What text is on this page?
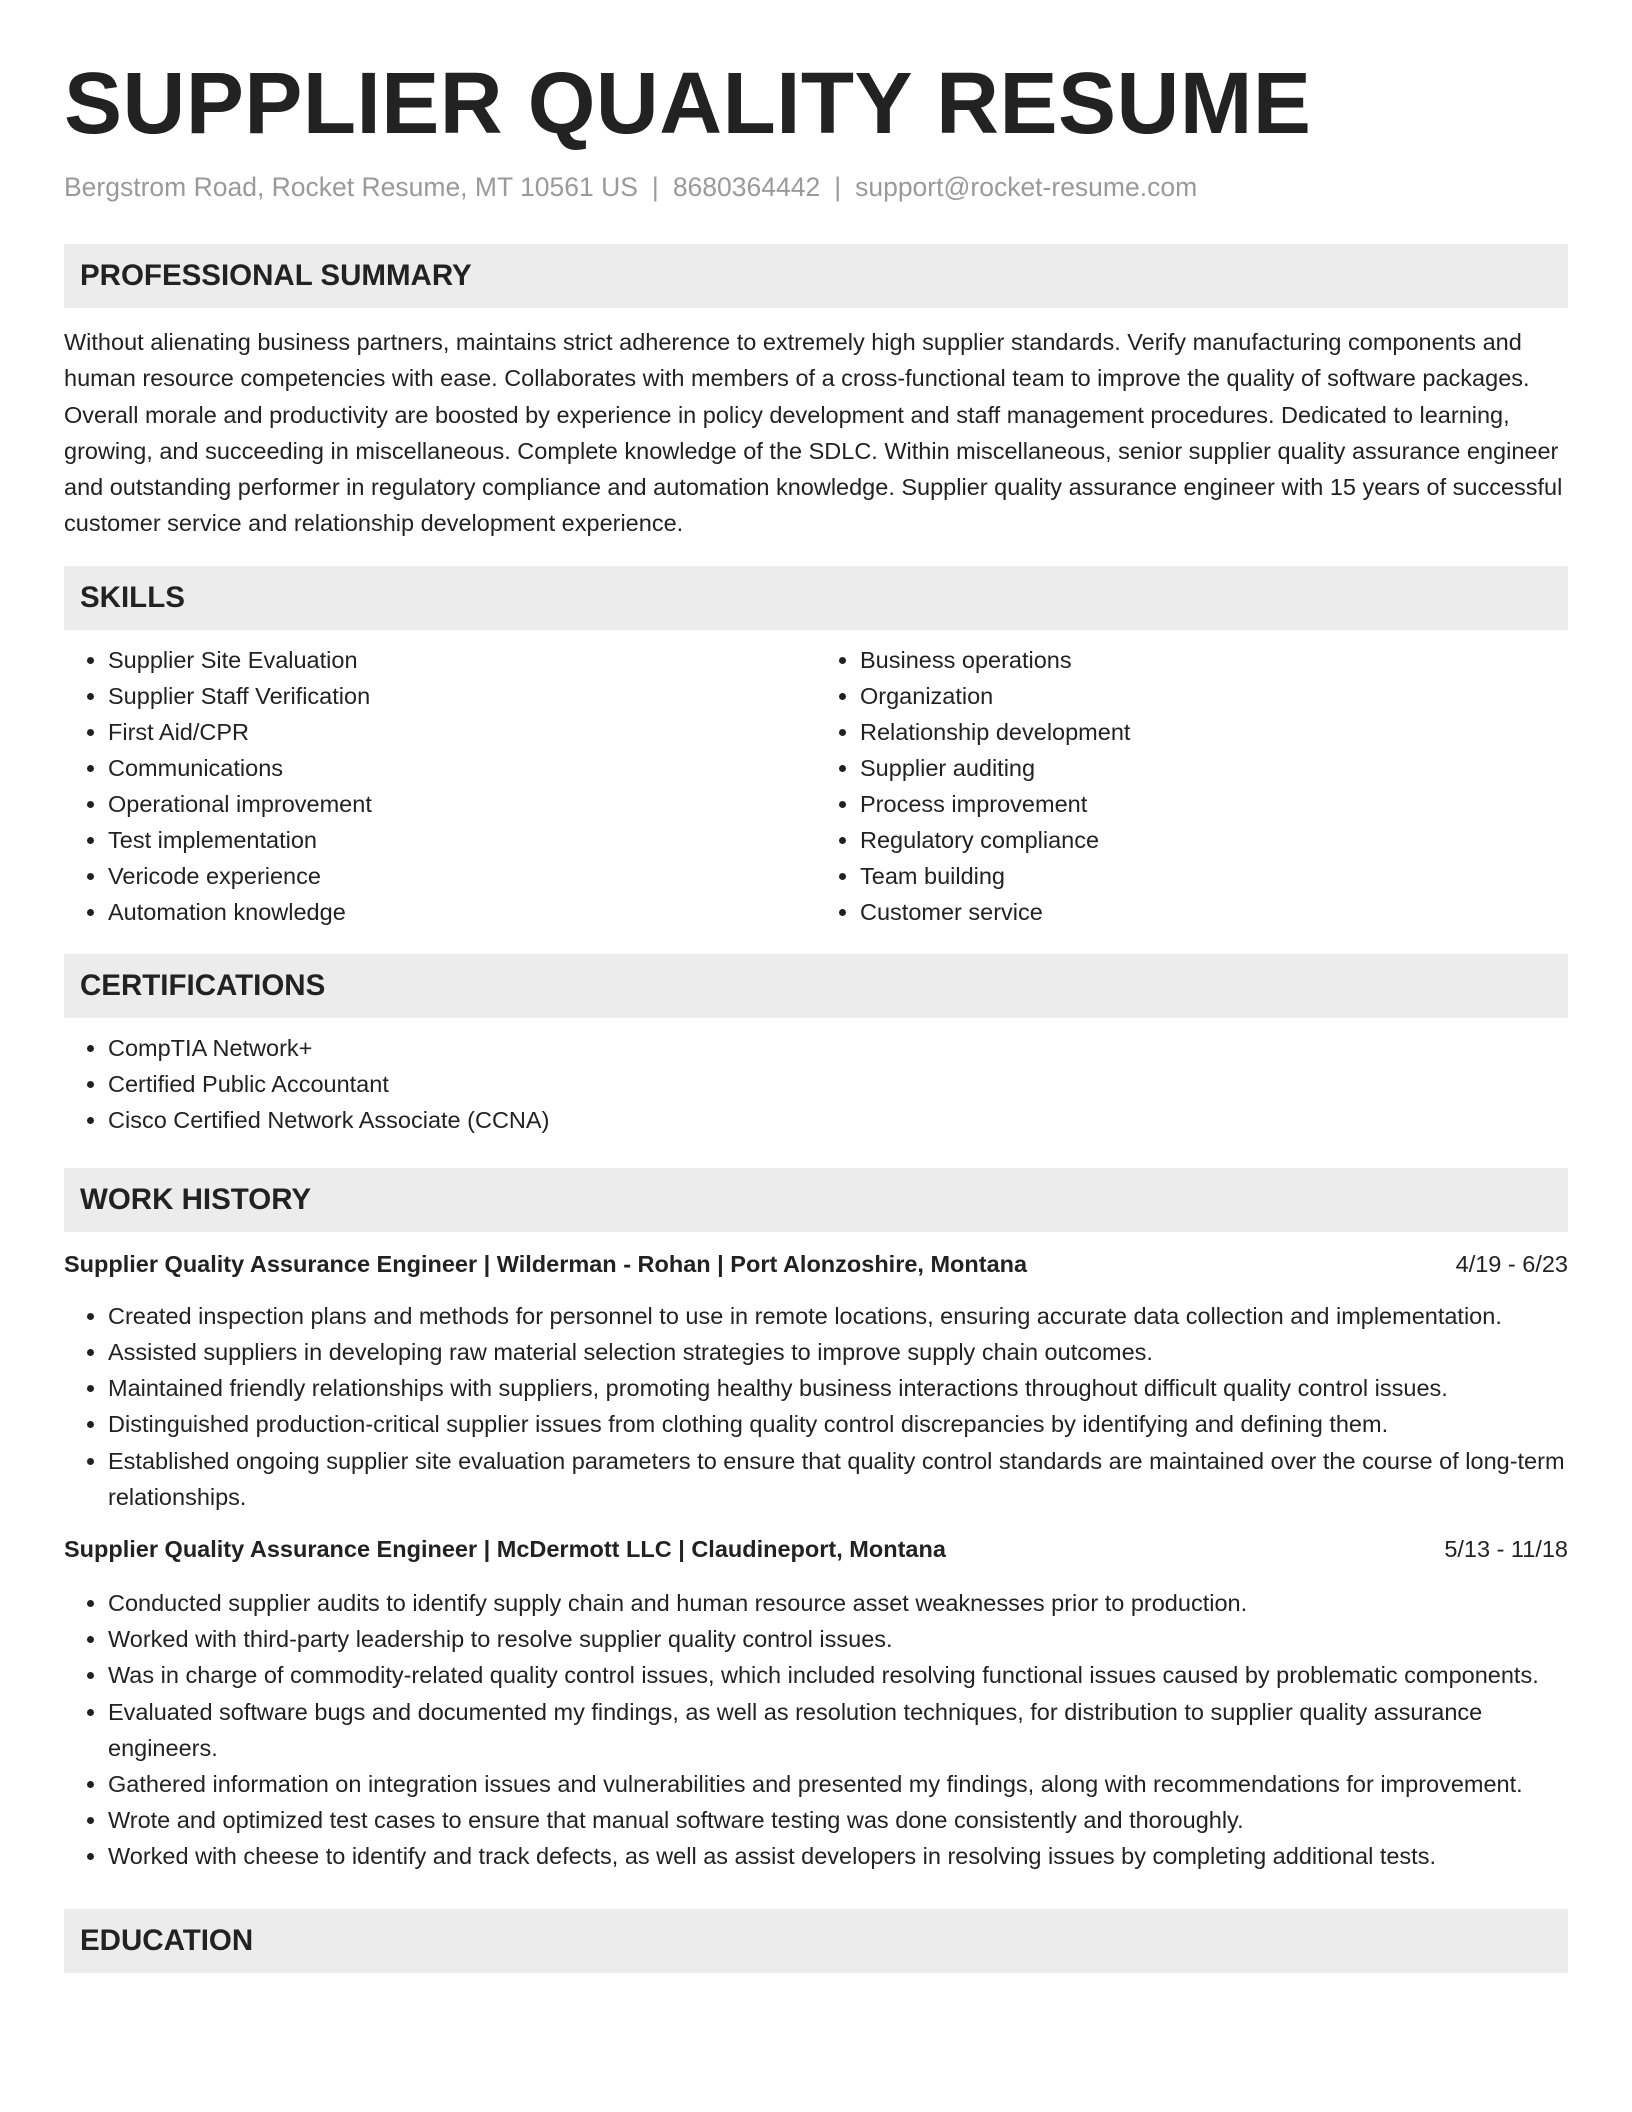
SUPPLIER QUALITY RESUME
Bergstrom Road, Rocket Resume, MT 10561 US | 8680364442 | support@rocket-resume.com
PROFESSIONAL SUMMARY

Without alienating business partners, maintains strict adherence to extremely high supplier standards. Verify manufacturing components and human resource competencies with ease. Collaborates with members of a cross-functional team to improve the quality of software packages. Overall morale and productivity are boosted by experience in policy development and staff management procedures. Dedicated to learning, growing, and succeeding in miscellaneous. Complete knowledge of the SDLC. Within miscellaneous, senior supplier quality assurance engineer and outstanding performer in regulatory compliance and automation knowledge. Supplier quality assurance engineer with 15 years of successful customer service and relationship development experience.

SKILLS
• Supplier Site Evaluation
• Supplier Staff Verification
• First Aid/CPR
• Communications
• Operational improvement
• Test implementation
• Vericode experience
• Automation knowledge
• Business operations
• Organization
• Relationship development
• Supplier auditing
• Process improvement
• Regulatory compliance
• Team building
• Customer service
CERTIFICATIONS
• CompTIA Network+
• Certified Public Accountant
• Cisco Certified Network Associate (CCNA)
WORK HISTORY
Supplier Quality Assurance Engineer | Wilderman - Rohan | Port Alonzoshire, Montana	4/19 - 6/23
• Created inspection plans and methods for personnel to use in remote locations, ensuring accurate data collection and implementation.
• Assisted suppliers in developing raw material selection strategies to improve supply chain outcomes.
• Maintained friendly relationships with suppliers, promoting healthy business interactions throughout difficult quality control issues.
• Distinguished production-critical supplier issues from clothing quality control discrepancies by identifying and defining them.
• Established ongoing supplier site evaluation parameters to ensure that quality control standards are maintained over the course of long-term relationships.
Supplier Quality Assurance Engineer | McDermott LLC | Claudineport, Montana	5/13 - 11/18
• Conducted supplier audits to identify supply chain and human resource asset weaknesses prior to production.
• Worked with third-party leadership to resolve supplier quality control issues.
• Was in charge of commodity-related quality control issues, which included resolving functional issues caused by problematic components.
• Evaluated software bugs and documented my findings, as well as resolution techniques, for distribution to supplier quality assurance engineers.
• Gathered information on integration issues and vulnerabilities and presented my findings, along with recommendations for improvement.
• Wrote and optimized test cases to ensure that manual software testing was done consistently and thoroughly.
• Worked with cheese to identify and track defects, as well as assist developers in resolving issues by completing additional tests.
EDUCATION
